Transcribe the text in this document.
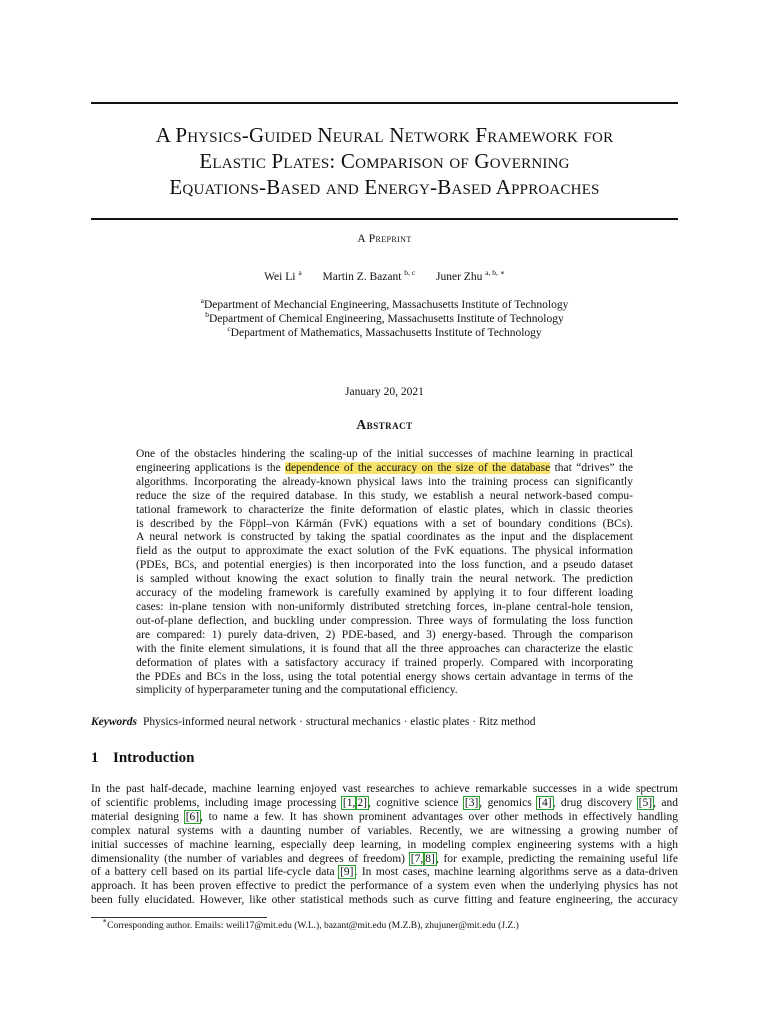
A Physics-Guided Neural Network Framework for
Elastic Plates: Comparison of Governing
Equations-Based and Energy-Based Approaches
A Preprint
Wei Li $^a$ Martin Z. Bazant $^{b, c}$ Juner Zhu $^{a, b, ∗}$
$^a$Department of Mechancial Engineering, Massachusetts Institute of Technology
$^b$Department of Chemical Engineering, Massachusetts Institute of Technology
$^c$Department of Mathematics, Massachusetts Institute of Technology
January 20, 2021
Abstract
One of the obstacles hindering the scaling-up of the initial successes of machine learning in practical
engineering applications is the dependence of the accuracy on the size of the database that “drives” the
algorithms. Incorporating the already-known physical laws into the training process can significantly
reduce the size of the required database. In this study, we establish a neural network-based compu-
tational framework to characterize the finite deformation of elastic plates, which in classic theories
is described by the Föppl–von Kármán (FvK) equations with a set of boundary conditions (BCs).
A neural network is constructed by taking the spatial coordinates as the input and the displacement
field as the output to approximate the exact solution of the FvK equations. The physical information
(PDEs, BCs, and potential energies) is then incorporated into the loss function, and a pseudo dataset
is sampled without knowing the exact solution to finally train the neural network. The prediction
accuracy of the modeling framework is carefully examined by applying it to four different loading
cases: in-plane tension with non-uniformly distributed stretching forces, in-plane central-hole tension,
out-of-plane deflection, and buckling under compression. Three ways of formulating the loss function
are compared: 1) purely data-driven, 2) PDE-based, and 3) energy-based. Through the comparison
with the finite element simulations, it is found that all the three approaches can characterize the elastic
deformation of plates with a satisfactory accuracy if trained properly. Compared with incorporating
the PDEs and BCs in the loss, using the total potential energy shows certain advantage in terms of the
simplicity of hyperparameter tuning and the computational efficiency.
Keywords Physics-informed neural network · structural mechanics · elastic plates · Ritz method
1 Introduction
In the past half-decade, machine learning enjoyed vast researches to achieve remarkable successes in a wide spectrum
of scientific problems, including image processing [1, 2], cognitive science [3], genomics [4], drug discovery [5], and
material designing [6], to name a few. It has shown prominent advantages over other methods in effectively handling
complex natural systems with a daunting number of variables. Recently, we are witnessing a growing number of
initial successes of machine learning, especially deep learning, in modeling complex engineering systems with a high
dimensionality (the number of variables and degrees of freedom) [7, 8], for example, predicting the remaining useful life
of a battery cell based on its partial life-cycle data [9]. In most cases, machine learning algorithms serve as a data-driven
approach. It has been proven effective to predict the performance of a system even when the underlying physics has not
been fully elucidated. However, like other statistical methods such as curve fitting and feature engineering, the accuracy
∗Corresponding author. Emails: weili17@mit.edu (W.L.), bazant@mit.edu (M.Z.B), zhujuner@mit.edu (J.Z.)
